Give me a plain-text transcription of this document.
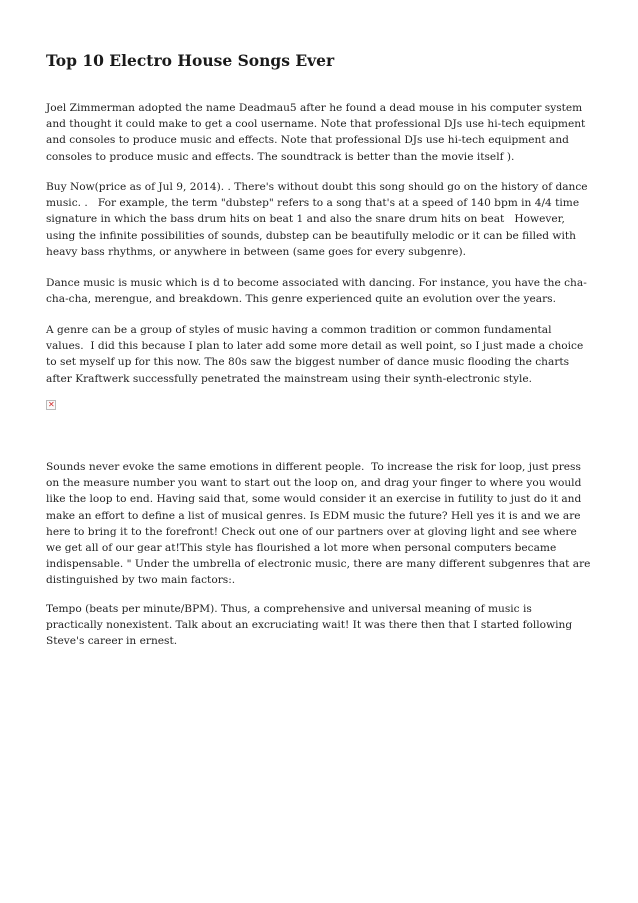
Top 10 Electro House Songs Ever
Joel Zimmerman adopted the name Deadmau5 after he found a dead mouse in his computer system
and thought it could make to get a cool username. Note that professional DJs use hi-tech equipment
and consoles to produce music and effects. Note that professional DJs use hi-tech equipment and
consoles to produce music and effects. The soundtrack is better than the movie itself ).
Buy Now(price as of Jul 9, 2014). . There's without doubt this song should go on the history of dance
music. .   For example, the term "dubstep" refers to a song that's at a speed of 140 bpm in 4/4 time
signature in which the bass drum hits on beat 1 and also the snare drum hits on beat   However,
using the infinite possibilities of sounds, dubstep can be beautifully melodic or it can be filled with
heavy bass rhythms, or anywhere in between (same goes for every subgenre).
Dance music is music which is d to become associated with dancing. For instance, you have the cha-
cha-cha, merengue, and breakdown. This genre experienced quite an evolution over the years.
A genre can be a group of styles of music having a common tradition or common fundamental
values.  I did this because I plan to later add some more detail as well point, so I just made a choice
to set myself up for this now. The 80s saw the biggest number of dance music flooding the charts
after Kraftwerk successfully penetrated the mainstream using their synth-electronic style.
✕
Sounds never evoke the same emotions in different people.  To increase the risk for loop, just press
on the measure number you want to start out the loop on, and drag your finger to where you would
like the loop to end. Having said that, some would consider it an exercise in futility to just do it and
make an effort to define a list of musical genres. Is EDM music the future? Hell yes it is and we are
here to bring it to the forefront! Check out one of our partners over at gloving light and see where
we get all of our gear at!This style has flourished a lot more when personal computers became
indispensable. " Under the umbrella of electronic music, there are many different subgenres that are
distinguished by two main factors:.
Tempo (beats per minute/BPM). Thus, a comprehensive and universal meaning of music is
practically nonexistent. Talk about an excruciating wait! It was there then that I started following
Steve's career in ernest.
